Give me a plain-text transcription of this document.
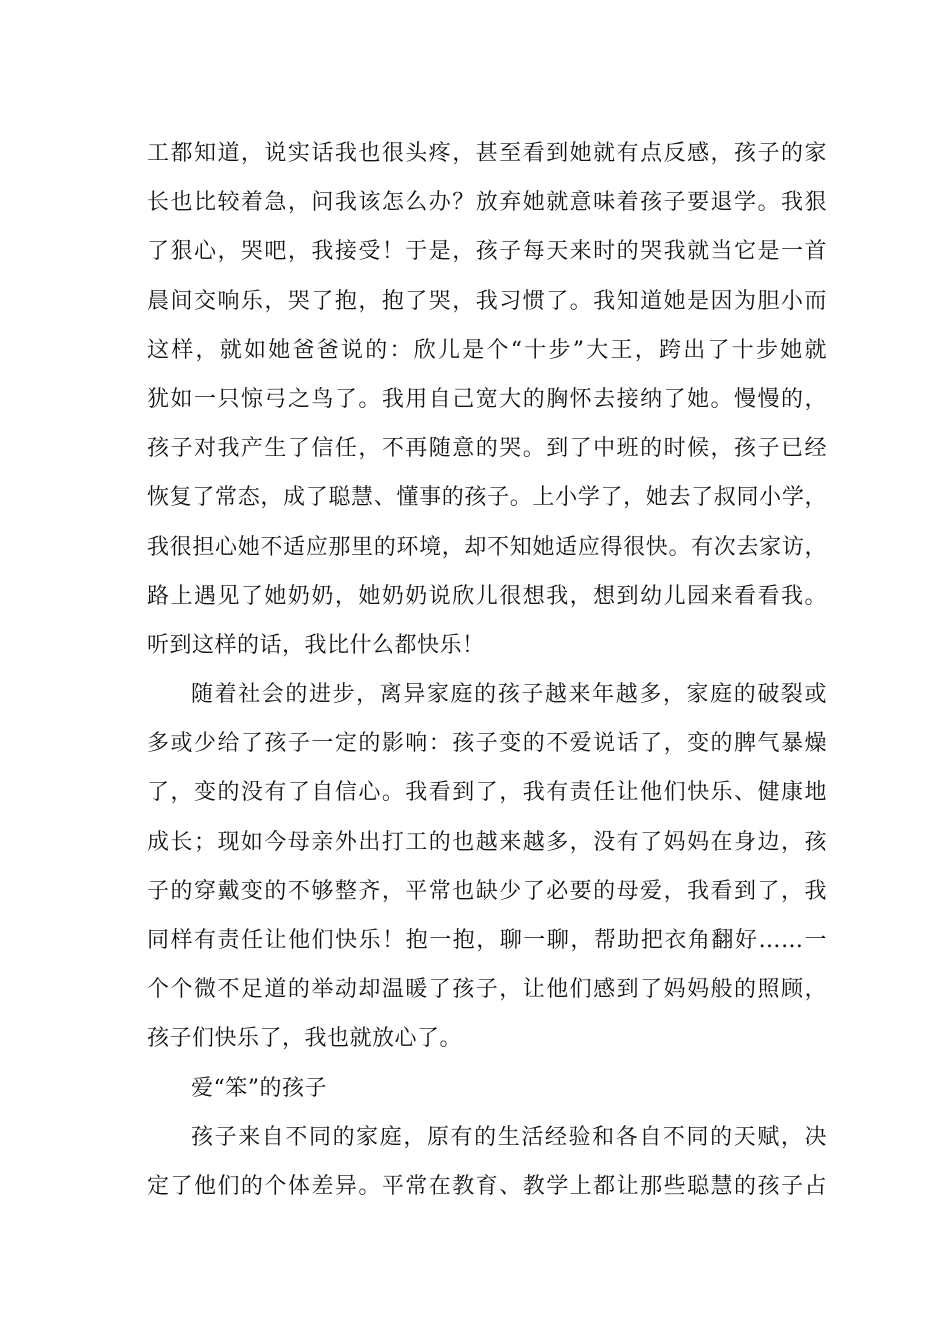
工都知道，说实话我也很头疼，甚至看到她就有点反感，孩子的家
长也比较着急，问我该怎么办？放弃她就意味着孩子要退学。我狠
了狠心，哭吧，我接受！于是，孩子每天来时的哭我就当它是一首
晨间交响乐，哭了抱，抱了哭，我习惯了。我知道她是因为胆小而
这样，就如她爸爸说的：欣儿是个“十步”大王，跨出了十步她就
犹如一只惊弓之鸟了。我用自己宽大的胸怀去接纳了她。慢慢的，
孩子对我产生了信任，不再随意的哭。到了中班的时候，孩子已经
恢复了常态，成了聪慧、懂事的孩子。上小学了，她去了叔同小学，
我很担心她不适应那里的环境，却不知她适应得很快。有次去家访，
路上遇见了她奶奶，她奶奶说欣儿很想我，想到幼儿园来看看我。
听到这样的话，我比什么都快乐！
随着社会的进步，离异家庭的孩子越来年越多，家庭的破裂或
多或少给了孩子一定的影响：孩子变的不爱说话了，变的脾气暴燥
了，变的没有了自信心。我看到了，我有责任让他们快乐、健康地
成长；现如今母亲外出打工的也越来越多，没有了妈妈在身边，孩
子的穿戴变的不够整齐，平常也缺少了必要的母爱，我看到了，我
同样有责任让他们快乐！抱一抱，聊一聊，帮助把衣角翻好……一
个个微不足道的举动却温暖了孩子，让他们感到了妈妈般的照顾，
孩子们快乐了，我也就放心了。
爱“笨”的孩子
孩子来自不同的家庭，原有的生活经验和各自不同的天赋，决
定了他们的个体差异。平常在教育、教学上都让那些聪慧的孩子占
